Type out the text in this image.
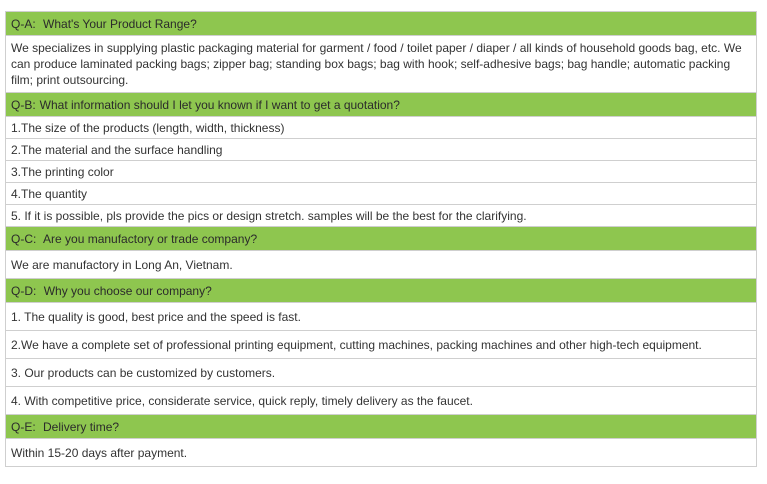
Q-A: What's Your Product Range?
We specializes in supplying plastic packaging material for garment / food / toilet paper / diaper / all kinds of household goods bag, etc. We can produce laminated packing bags; zipper bag; standing box bags; bag with hook; self-adhesive bags; bag handle; automatic packing film; print outsourcing.
Q-B: What information should I let you known if I want to get a quotation?
1.The size of the products (length, width, thickness)
2.The material and the surface handling
3.The printing color
4.The quantity
5. If it is possible, pls provide the pics or design stretch. samples will be the best for the clarifying.
Q-C: Are you manufactory or trade company?
We are manufactory in Long An, Vietnam.
Q-D: Why you choose our company?
1. The quality is good, best price and the speed is fast.
2.We have a complete set of professional printing equipment, cutting machines, packing machines and other high-tech equipment.
3. Our products can be customized by customers.
4. With competitive price, considerate service, quick reply, timely delivery as the faucet.
Q-E: Delivery time?
Within 15-20 days after payment.
